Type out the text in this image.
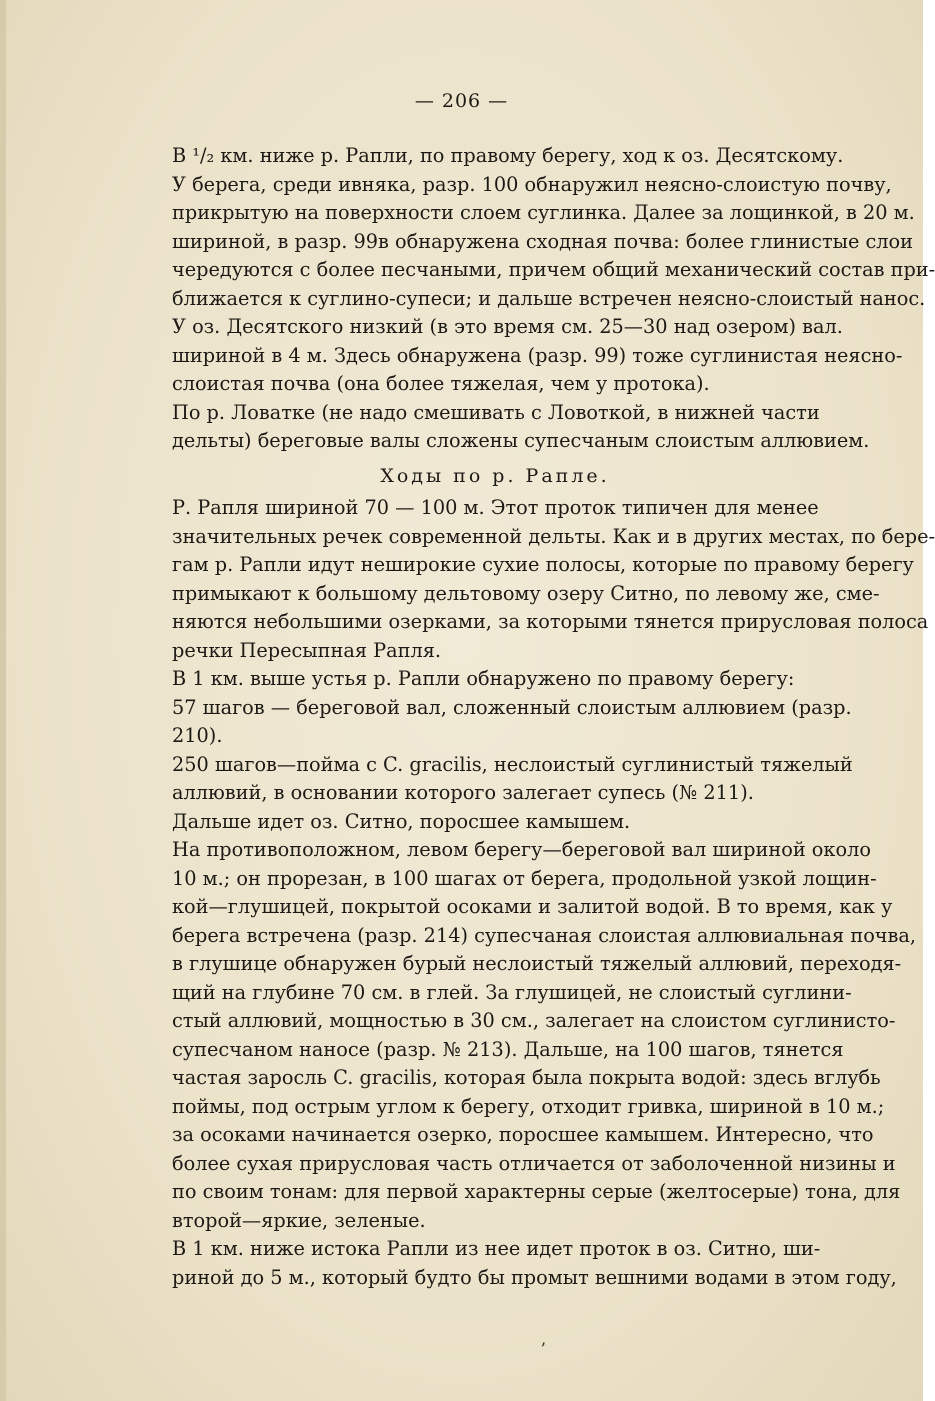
— 206 —
В ¹/₂ км. ниже р. Рапли, по правому берегу, ход к оз. Десятскому.
У берега, среди ивняка, разр. 100 обнаружил неясно-слоистую почву,
прикрытую на поверхности слоем суглинка. Далее за лощинкой, в 20 м.
шириной, в разр. 99в обнаружена сходная почва: более глинистые слои
чередуются с более песчаными, причем общий механический состав при-
ближается к суглино-супеси; и дальше встречен неясно-слоистый нанос.
У оз. Десятского низкий (в это время см. 25—30 над озером) вал.
шириной в 4 м. Здесь обнаружена (разр. 99) тоже суглинистая неясно-
слоистая почва (она более тяжелая, чем у протока).
По р. Ловатке (не надо смешивать с Ловоткой, в нижней части
дельты) береговые валы сложены супесчаным слоистым аллювием.
Ходы по р. Рапле.
Р. Рапля шириной 70 — 100 м. Этот проток типичен для менее
значительных речек современной дельты. Как и в других местах, по бере-
гам р. Рапли идут неширокие сухие полосы, которые по правому берегу
примыкают к большому дельтовому озеру Ситно, по левому же, сме-
няются небольшими озерками, за которыми тянется прирусловая полоса
речки Пересыпная Рапля.
В 1 км. выше устья р. Рапли обнаружено по правому берегу:
57 шагов — береговой вал, сложенный слоистым аллювием (разр.
210).
250 шагов—пойма с C. gracilis, неслоистый суглинистый тяжелый
аллювий, в основании которого залегает супесь (№ 211).
Дальше идет оз. Ситно, поросшее камышем.
На противоположном, левом берегу—береговой вал шириной около
10 м.; он прорезан, в 100 шагах от берега, продольной узкой лощин-
кой—глушицей, покрытой осоками и залитой водой. В то время, как у
берега встречена (разр. 214) супесчаная слоистая аллювиальная почва,
в глушице обнаружен бурый неслоистый тяжелый аллювий, переходя-
щий на глубине 70 см. в глей. За глушицей, не слоистый суглини-
стый аллювий, мощностью в 30 см., залегает на слоистом суглинисто-
супесчаном наносе (разр. № 213). Дальше, на 100 шагов, тянется
частая заросль C. gracilis, которая была покрыта водой: здесь вглубь
поймы, под острым углом к берегу, отходит гривка, шириной в 10 м.;
за осоками начинается озерко, поросшее камышем. Интересно, что
более сухая прирусловая часть отличается от заболоченной низины и
по своим тонам: для первой характерны серые (желтосерые) тона, для
второй—яркие, зеленые.
В 1 км. ниже истока Рапли из нее идет проток в оз. Ситно, ши-
риной до 5 м., который будто бы промыт вешними водами в этом году,
ʼ
